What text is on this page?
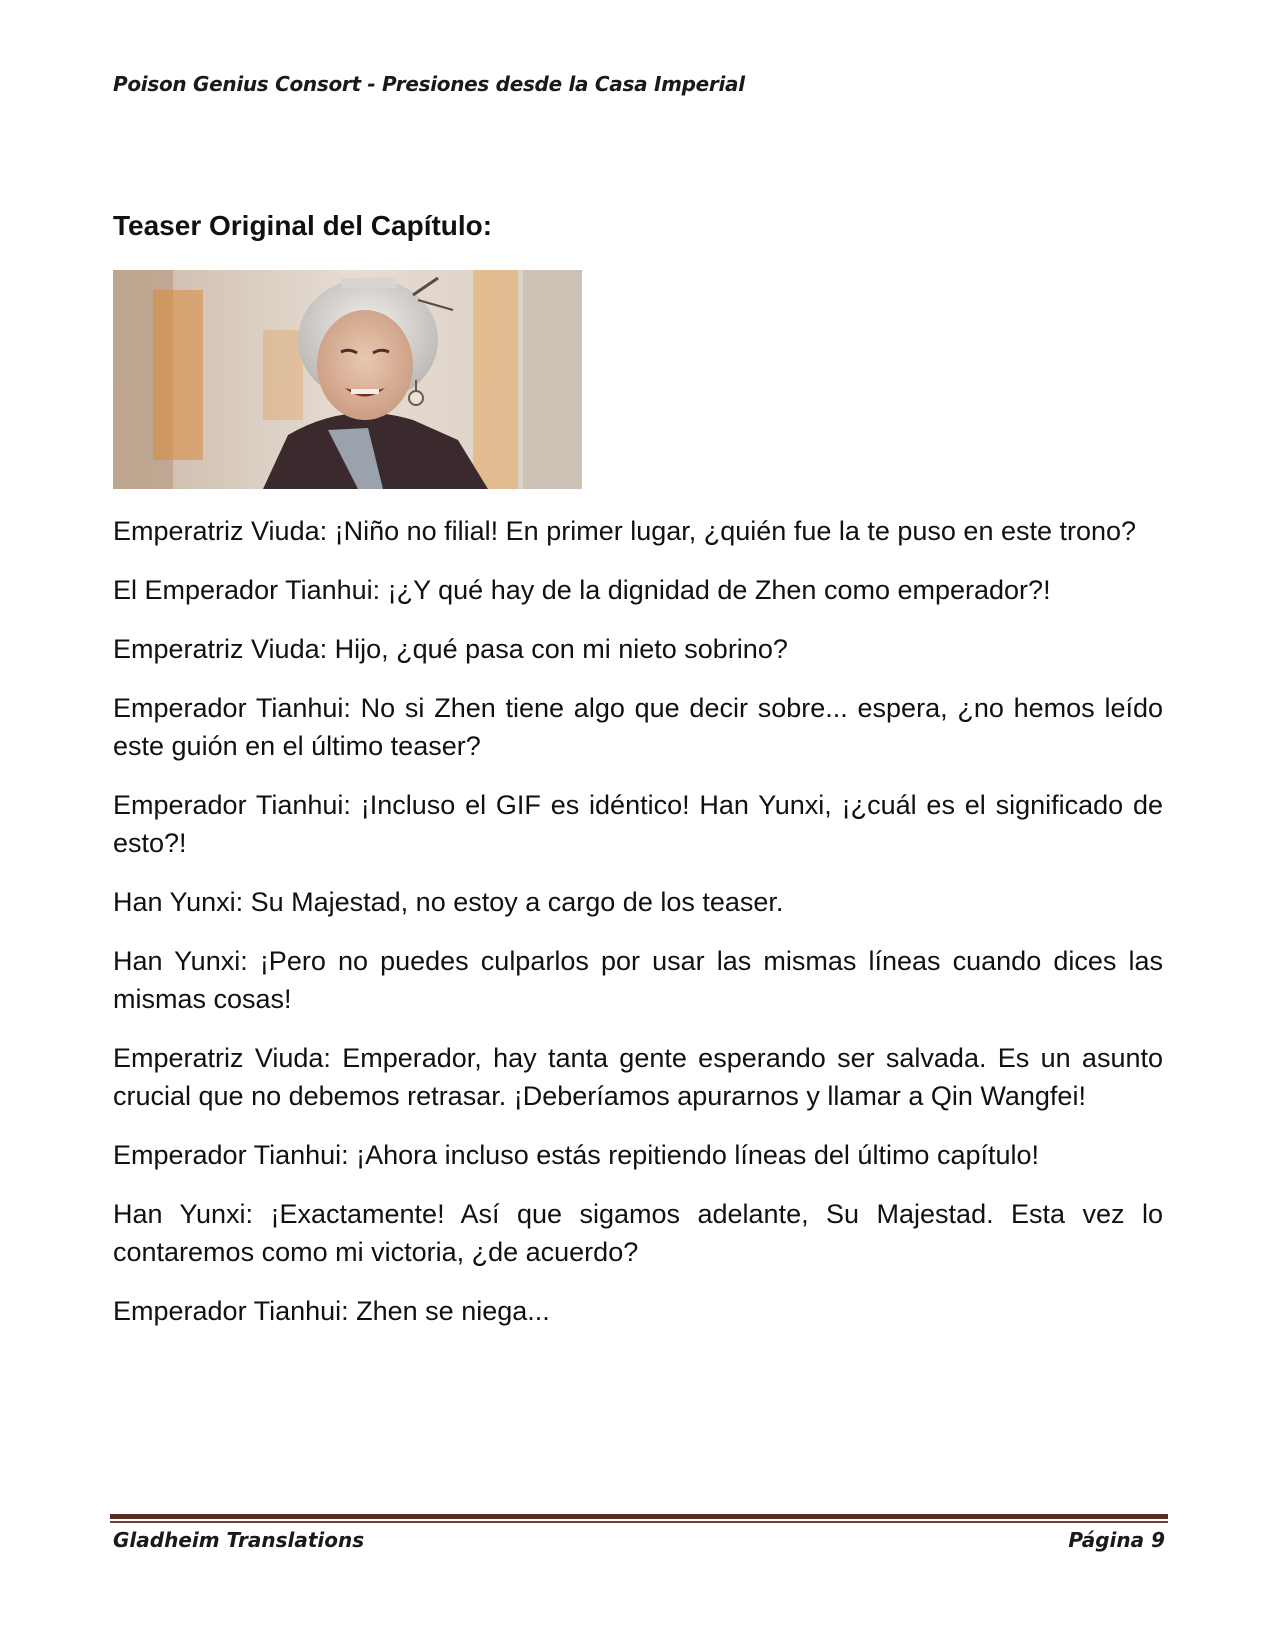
Poison Genius Consort - Presiones desde la Casa Imperial
Teaser Original del Capítulo:

Emperatriz Viuda: ¡Niño no filial! En primer lugar, ¿quién fue la te puso en este trono?

El Emperador Tianhui: ¡¿Y qué hay de la dignidad de Zhen como emperador?!

Emperatriz Viuda: Hijo, ¿qué pasa con mi nieto sobrino?

Emperador Tianhui: No si Zhen tiene algo que decir sobre... espera, ¿no hemos leído este guión en el último teaser?

Emperador Tianhui: ¡Incluso el GIF es idéntico! Han Yunxi, ¡¿cuál es el significado de esto?!

Han Yunxi: Su Majestad, no estoy a cargo de los teaser.

Han Yunxi: ¡Pero no puedes culparlos por usar las mismas líneas cuando dices las mismas cosas!

Emperatriz Viuda: Emperador, hay tanta gente esperando ser salvada. Es un asunto crucial que no debemos retrasar. ¡Deberíamos apurarnos y llamar a Qin Wangfei!

Emperador Tianhui: ¡Ahora incluso estás repitiendo líneas del último capítulo!

Han Yunxi: ¡Exactamente! Así que sigamos adelante, Su Majestad. Esta vez lo contaremos como mi victoria, ¿de acuerdo?

Emperador Tianhui: Zhen se niega...

Gladheim Translations	Página 9
